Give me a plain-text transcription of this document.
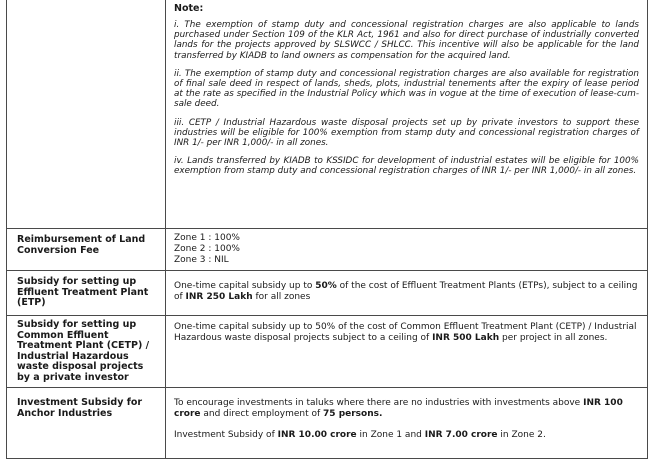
	Note:

i. The exemption of stamp duty and concessional registration charges are also applicable to lands purchased under Section 109 of the KLR Act, 1961 and also for direct purchase of industrially converted lands for the projects approved by SLSWCC / SHLCC. This incentive will also be applicable for the land transferred by KIADB to land owners as compensation for the acquired land.

ii. The exemption of stamp duty and concessional registration charges are also available for registration of final sale deed in respect of lands, sheds, plots, industrial tenements after the expiry of lease period at the rate as specified in the Industrial Policy which was in vogue at the time of execution of lease-cum-sale deed.

iii. CETP / Industrial Hazardous waste disposal projects set up by private investors to support these industries will be eligible for 100% exemption from stamp duty and concessional registration charges of INR 1/- per INR 1,000/- in all zones.

iv. Lands transferred by KIADB to KSSIDC for development of industrial estates will be eligible for 100% exemption from stamp duty and concessional registration charges of INR 1/- per INR 1,000/- in all zones.

Reimbursement of Land Conversion Fee	Zone 1 : 100%
Zone 2 : 100%
Zone 3 : NIL

Subsidy for setting up Effluent Treatment Plant (ETP)	One-time capital subsidy up to 50% of the cost of Effluent Treatment Plants (ETPs), subject to a ceiling of INR 250 Lakh for all zones

Subsidy for setting up Common Effluent Treatment Plant (CETP) / Industrial Hazardous waste disposal projects by a private investor	One-time capital subsidy up to 50% of the cost of Common Effluent Treatment Plant (CETP) / Industrial Hazardous waste disposal projects subject to a ceiling of INR 500 Lakh per project in all zones.

Investment Subsidy for Anchor Industries	To encourage investments in taluks where there are no industries with investments above INR 100 crore and direct employment of 75 persons.
Investment Subsidy of INR 10.00 crore in Zone 1 and INR 7.00 crore in Zone 2.
